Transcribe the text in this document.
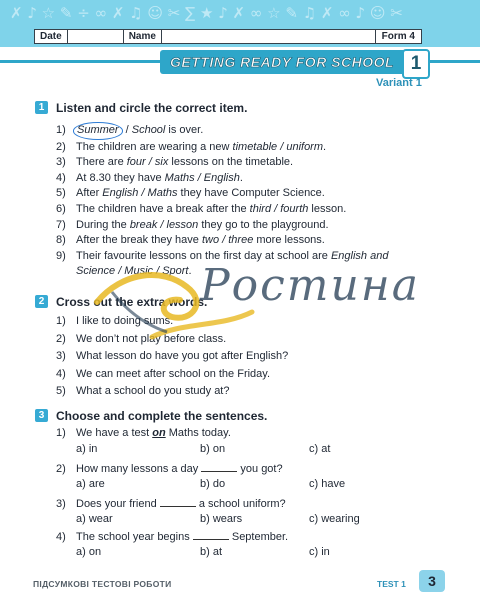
✗ ♪ ☆ ✎ ÷ ∞ ✗ ♫ ☺ ✂ ∑ ★ ♪ ✗ ∞ ☆ ✎ ♫ ✗ ∞ ♪ ☺ ✂
Date	Name	Form 4
GETTING READY FOR SCHOOL 1
Variant 1
1 Listen and circle the correct item.
1) Summer / School is over.
2) The children are wearing a new timetable / uniform.
3) There are four / six lessons on the timetable.
4) At 8.30 they have Maths / English.
5) After English / Maths they have Computer Science.
6) The children have a break after the third / fourth lesson.
7) During the break / lesson they go to the playground.
8) After the break they have two / three more lessons.
9) Their favourite lessons on the first day at school are English and
Science / Music / Sport.
2 Cross out the extra words.
1) I like to doing sums.
2) We don’t not play before class.
3) What lesson do have you got after English?
4) We can meet after school on the Friday.
5) What a school do you study at?
Ростина
3 Choose and complete the sentences.
1) We have a test on Maths today.
a) in	b) on	c) at
2) How many lessons a day	you got?
a) are	b) do	c) have
3) Does your friend	a school uniform?
a) wear	b) wears	c) wearing
4) The school year begins	September.
a) on	b) at	c) in
ПІДСУМКОВІ ТЕСТОВІ РОБОТИ	TEST 1	3
